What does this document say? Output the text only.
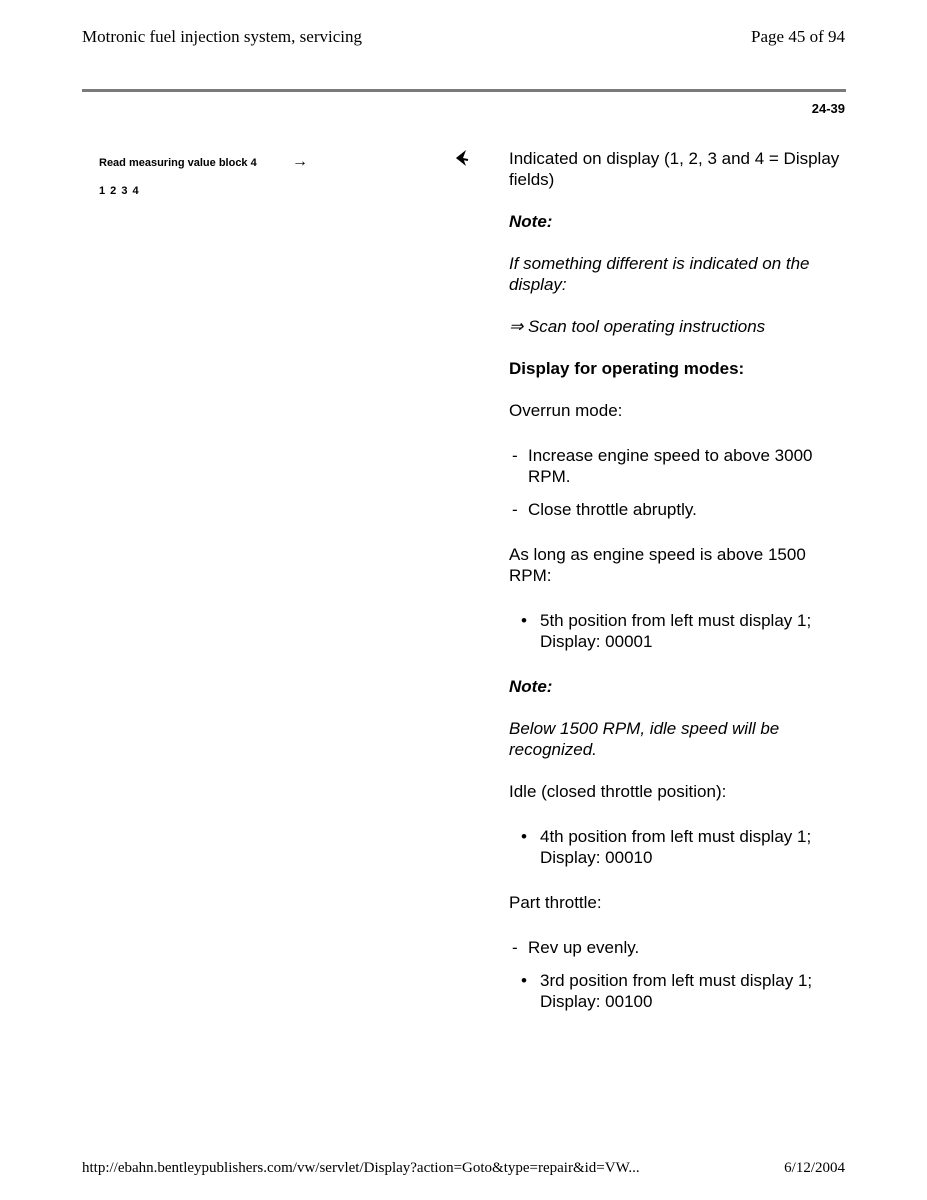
Motronic fuel injection system, servicing	Page 45 of 94
24-39
Read measuring value block 4 →
1 2 3 4

Indicated on display (1, 2, 3 and 4 = Display fields)

Note:

If something different is indicated on the display:

⇒ Scan tool operating instructions

Display for operating modes:

Overrun mode:

- Increase engine speed to above 3000 RPM.
- Close throttle abruptly.

As long as engine speed is above 1500 RPM:

• 5th position from left must display 1; Display: 00001

Note:

Below 1500 RPM, idle speed will be recognized.

Idle (closed throttle position):

• 4th position from left must display 1; Display: 00010

Part throttle:

- Rev up evenly.
• 3rd position from left must display 1; Display: 00100
http://ebahn.bentleypublishers.com/vw/servlet/Display?action=Goto&type=repair&id=VW...	6/12/2004
